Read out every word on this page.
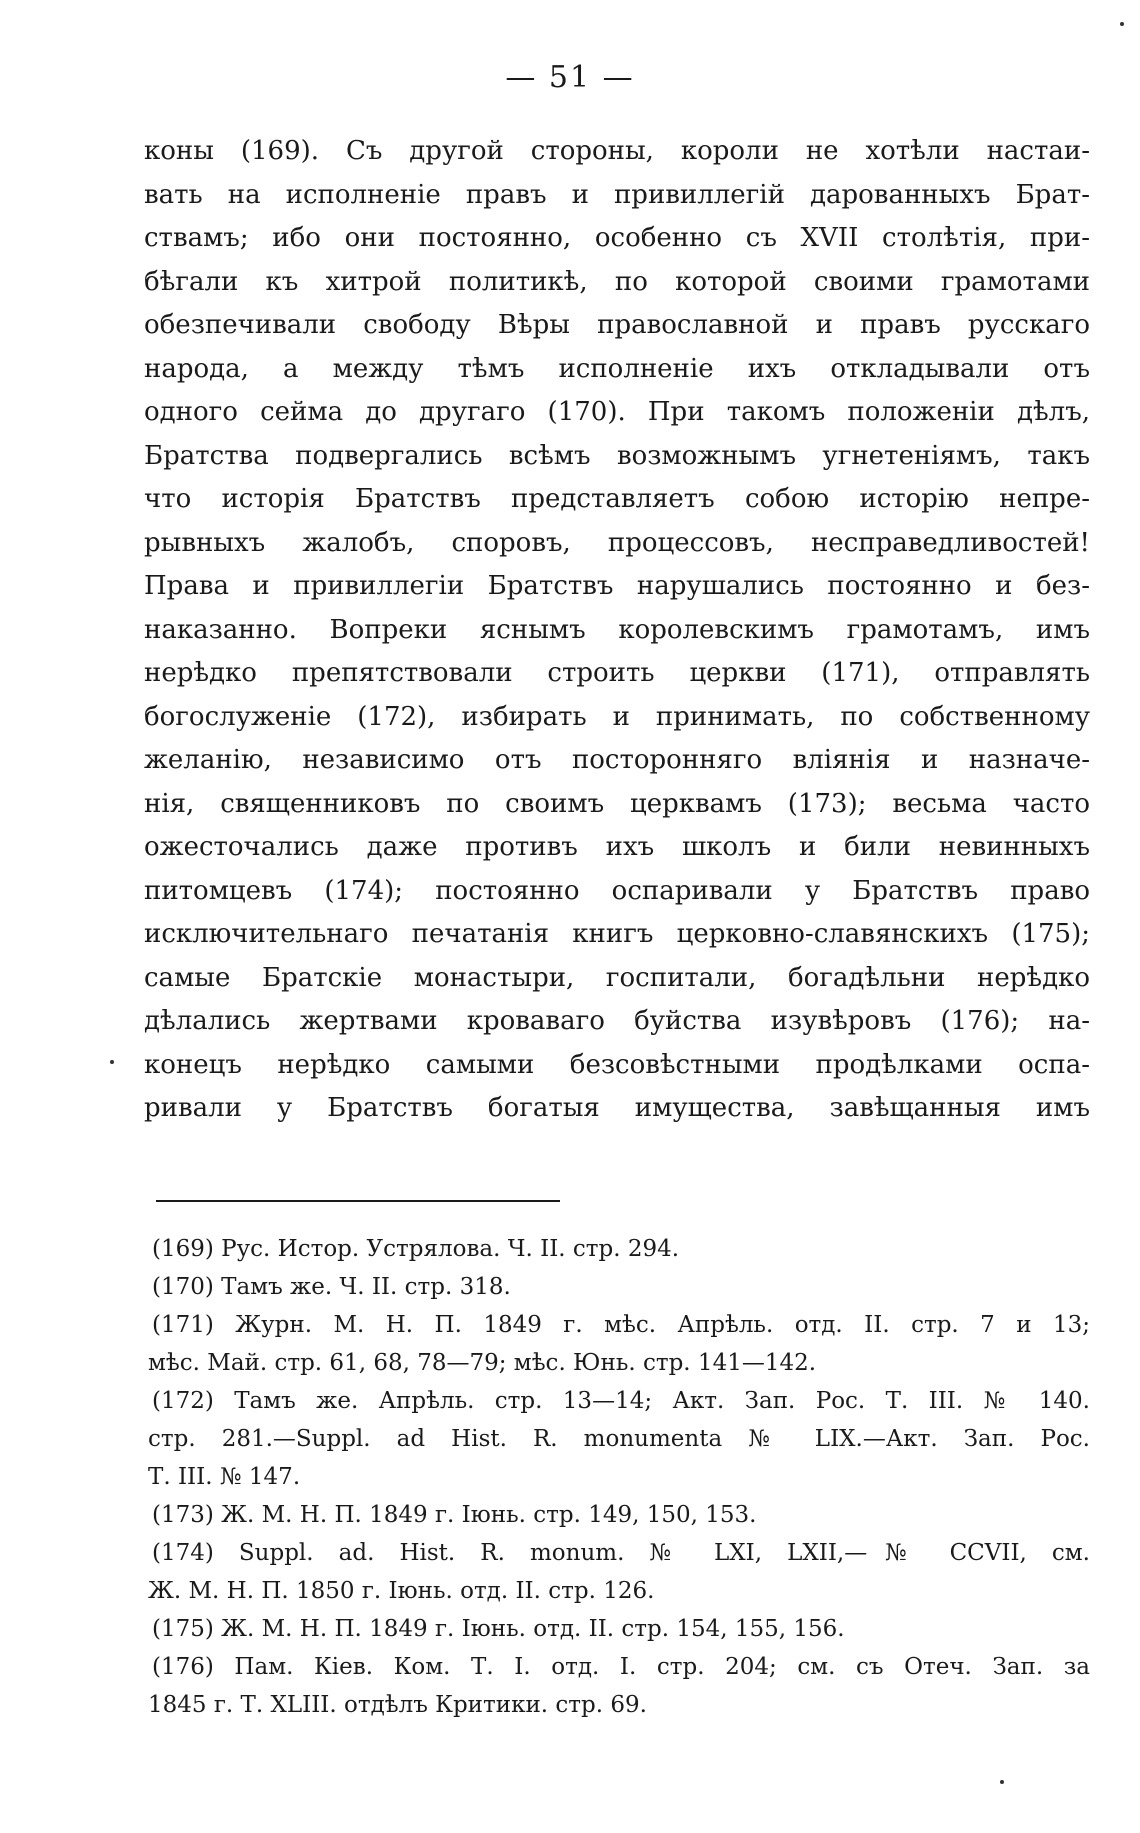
— 51 —
коны (169). Съ другой стороны, короли не хотѣли настаи-
вать на исполненіе правъ и привиллегій дарованныхъ Брат-
ствамъ; ибо они постоянно, особенно съ XVII столѣтія, при-
бѣгали къ хитрой политикѣ, по которой своими грамотами
обезпечивали свободу Вѣры православной и правъ русскаго
народа, а между тѣмъ исполненіе ихъ откладывали отъ
одного сейма до другаго (170). При такомъ положеніи дѣлъ,
Братства подвергались всѣмъ возможнымъ угнетеніямъ, такъ
что исторія Братствъ представляетъ собою исторію непре-
рывныхъ жалобъ, споровъ, процессовъ, несправедливостей!
Права и привиллегіи Братствъ нарушались постоянно и без-
наказанно. Вопреки яснымъ королевскимъ грамотамъ, имъ
нерѣдко препятствовали строить церкви (171), отправлять
богослуженіе (172), избирать и принимать, по собственному
желанію, независимо отъ посторонняго вліянія и назначе-
нія, священниковъ по своимъ церквамъ (173); весьма часто
ожесточались даже противъ ихъ школъ и били невинныхъ
питомцевъ (174); постоянно оспаривали у Братствъ право
исключительнаго печатанія книгъ церковно-славянскихъ (175);
самые Братскіе монастыри, госпитали, богадѣльни нерѣдко
дѣлались жертвами кроваваго буйства изувѣровъ (176); на-
конецъ нерѣдко самыми безсовѣстными продѣлками оспа-
ривали у Братствъ богатыя имущества, завѣщанныя имъ
(169) Рус. Истор. Устрялова. Ч. II. стр. 294.
(170) Тамъ же. Ч. II. стр. 318.
(171) Журн. М. Н. П. 1849 г. мѣс. Апрѣль. отд. II. стр. 7 и 13;
мѣс. Май. стр. 61, 68, 78—79; мѣс. Юнь. стр. 141—142.
(172) Тамъ же. Апрѣль. стр. 13—14; Акт. Зап. Рос. Т. III. № 140.
стр. 281.—Suppl. ad Hist. R. monumenta № LIX.—Акт. Зап. Рос.
Т. III. № 147.
(173) Ж. М. Н. П. 1849 г. Іюнь. стр. 149, 150, 153.
(174) Suppl. ad. Hist. R. monum. № LXI, LXII,—№ CCVII, см.
Ж. М. Н. П. 1850 г. Іюнь. отд. II. стр. 126.
(175) Ж. М. Н. П. 1849 г. Іюнь. отд. II. стр. 154, 155, 156.
(176) Пам. Кіев. Ком. Т. I. отд. I. стр. 204; см. съ Отеч. Зап. за
1845 г. Т. XLIII. отдѣлъ Критики. стр. 69.
